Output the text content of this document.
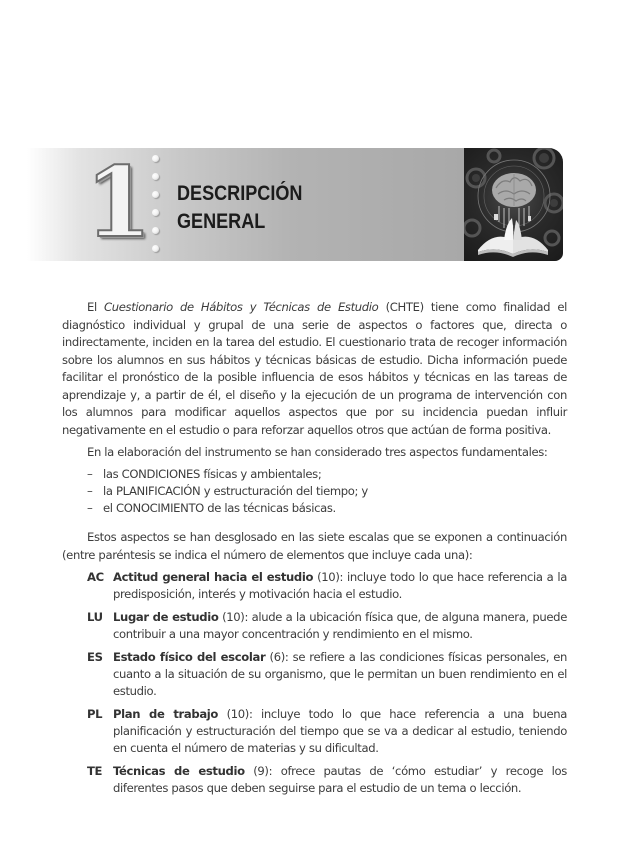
1 DESCRIPCIÓN
GENERAL
El Cuestionario de Hábitos y Técnicas de Estudio (CHTE) tiene como finalidad el diagnóstico individual y grupal de una serie de aspectos o factores que, directa o indirectamente, inciden en la tarea del estudio. El cuestionario trata de recoger información sobre los alumnos en sus hábitos y técnicas básicas de estudio. Dicha información puede facilitar el pronóstico de la posible influencia de esos hábitos y técnicas en las tareas de aprendizaje y, a partir de él, el diseño y la ejecución de un programa de intervención con los alumnos para modificar aquellos aspectos que por su incidencia puedan influir negativamente en el estudio o para reforzar aquellos otros que actúan de forma positiva.
En la elaboración del instrumento se han considerado tres aspectos fundamentales:
– las CONDICIONES físicas y ambientales;
– la PLANIFICACIÓN y estructuración del tiempo; y
– el CONOCIMIENTO de las técnicas básicas.
Estos aspectos se han desglosado en las siete escalas que se exponen a continuación (entre paréntesis se indica el número de elementos que incluye cada una):
AC Actitud general hacia el estudio (10): incluye todo lo que hace referencia a la predisposición, interés y motivación hacia el estudio.
LU Lugar de estudio (10): alude a la ubicación física que, de alguna manera, puede contribuir a una mayor concentración y rendimiento en el mismo.
ES Estado físico del escolar (6): se refiere a las condiciones físicas personales, en cuanto a la situación de su organismo, que le permitan un buen rendimiento en el estudio.
PL Plan de trabajo (10): incluye todo lo que hace referencia a una buena planificación y estructuración del tiempo que se va a dedicar al estudio, teniendo en cuenta el número de materias y su dificultad.
TE Técnicas de estudio (9): ofrece pautas de ‘cómo estudiar’ y recoge los diferentes pasos que deben seguirse para el estudio de un tema o lección.
